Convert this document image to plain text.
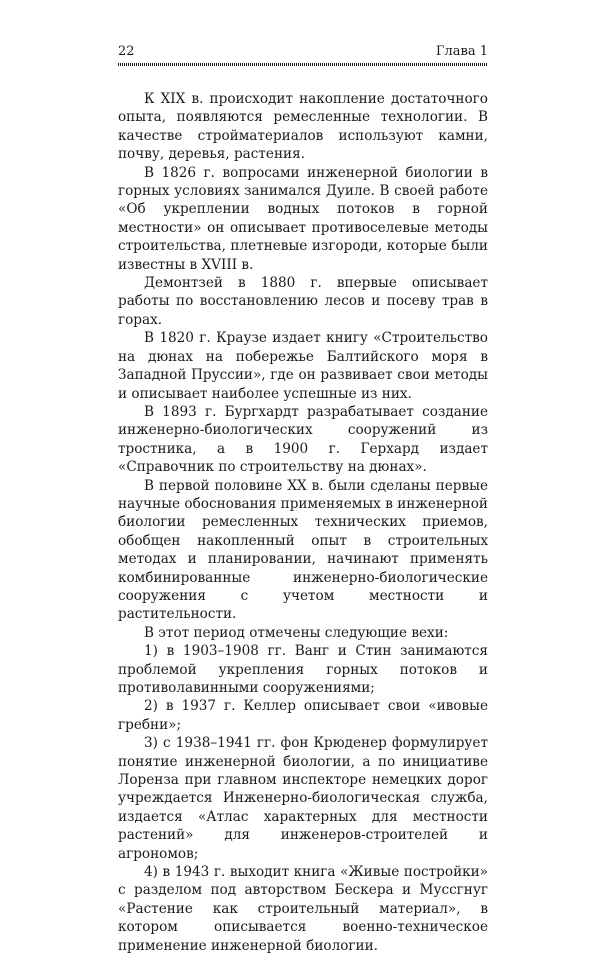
22	Глава 1

К XIX в. происходит накопление достаточного опыта, появляются ремесленные технологии. В качестве стройматериалов используют камни, почву, деревья, растения.

В 1826 г. вопросами инженерной биологии в горных условиях занимался Дуиле. В своей работе «Об укреплении водных потоков в горной местности» он описывает противоселевые методы строительства, плетневые изгороди, которые были известны в XVIII в.

Демонтзей в 1880 г. впервые описывает работы по восстановлению лесов и посеву трав в горах.

В 1820 г. Краузе издает книгу «Строительство на дюнах на побережье Балтийского моря в Западной Пруссии», где он развивает свои методы и описывает наиболее успешные из них.

В 1893 г. Бургхардт разрабатывает создание инженерно-биологических сооружений из тростника, а в 1900 г. Герхард издает «Справочник по строительству на дюнах».

В первой половине XX в. были сделаны первые научные обоснования применяемых в инженерной биологии ремесленных технических приемов, обобщен накопленный опыт в строительных методах и планировании, начинают применять комбинированные инженерно-биологические сооружения с учетом местности и растительности.

В этот период отмечены следующие вехи:

1) в 1903–1908 гг. Ванг и Стин занимаются проблемой укрепления горных потоков и противолавинными сооружениями;

2) в 1937 г. Келлер описывает свои «ивовые гребни»;

3) с 1938–1941 гг. фон Крюденер формулирует понятие инженерной биологии, а по инициативе Лоренза при главном инспекторе немецких дорог учреждается Инженерно-биологическая служба, издается «Атлас характерных для местности растений» для инженеров-строителей и агрономов;

4) в 1943 г. выходит книга «Живые постройки» с разделом под авторством Бескера и Муссгнуг «Растение как строительный материал», в котором описывается военно-техническое применение инженерной биологии.
